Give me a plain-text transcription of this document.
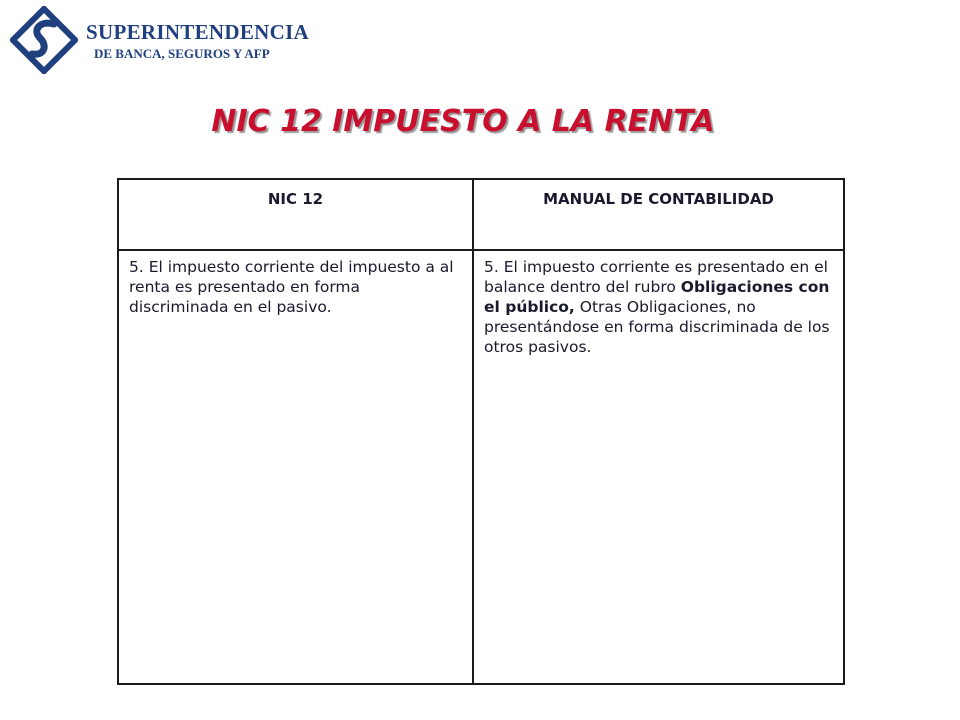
SUPERINTENDENCIA
DE BANCA, SEGUROS Y AFP
NIC 12 IMPUESTO A LA RENTA
NIC 12	MANUAL DE CONTABILIDAD
5. El impuesto corriente del impuesto a al renta es presentado en forma discriminada en el pasivo.	5. El impuesto corriente es presentado en el balance dentro del rubro Obligaciones con el público, Otras Obligaciones, no presentándose en forma discriminada de los otros pasivos.
